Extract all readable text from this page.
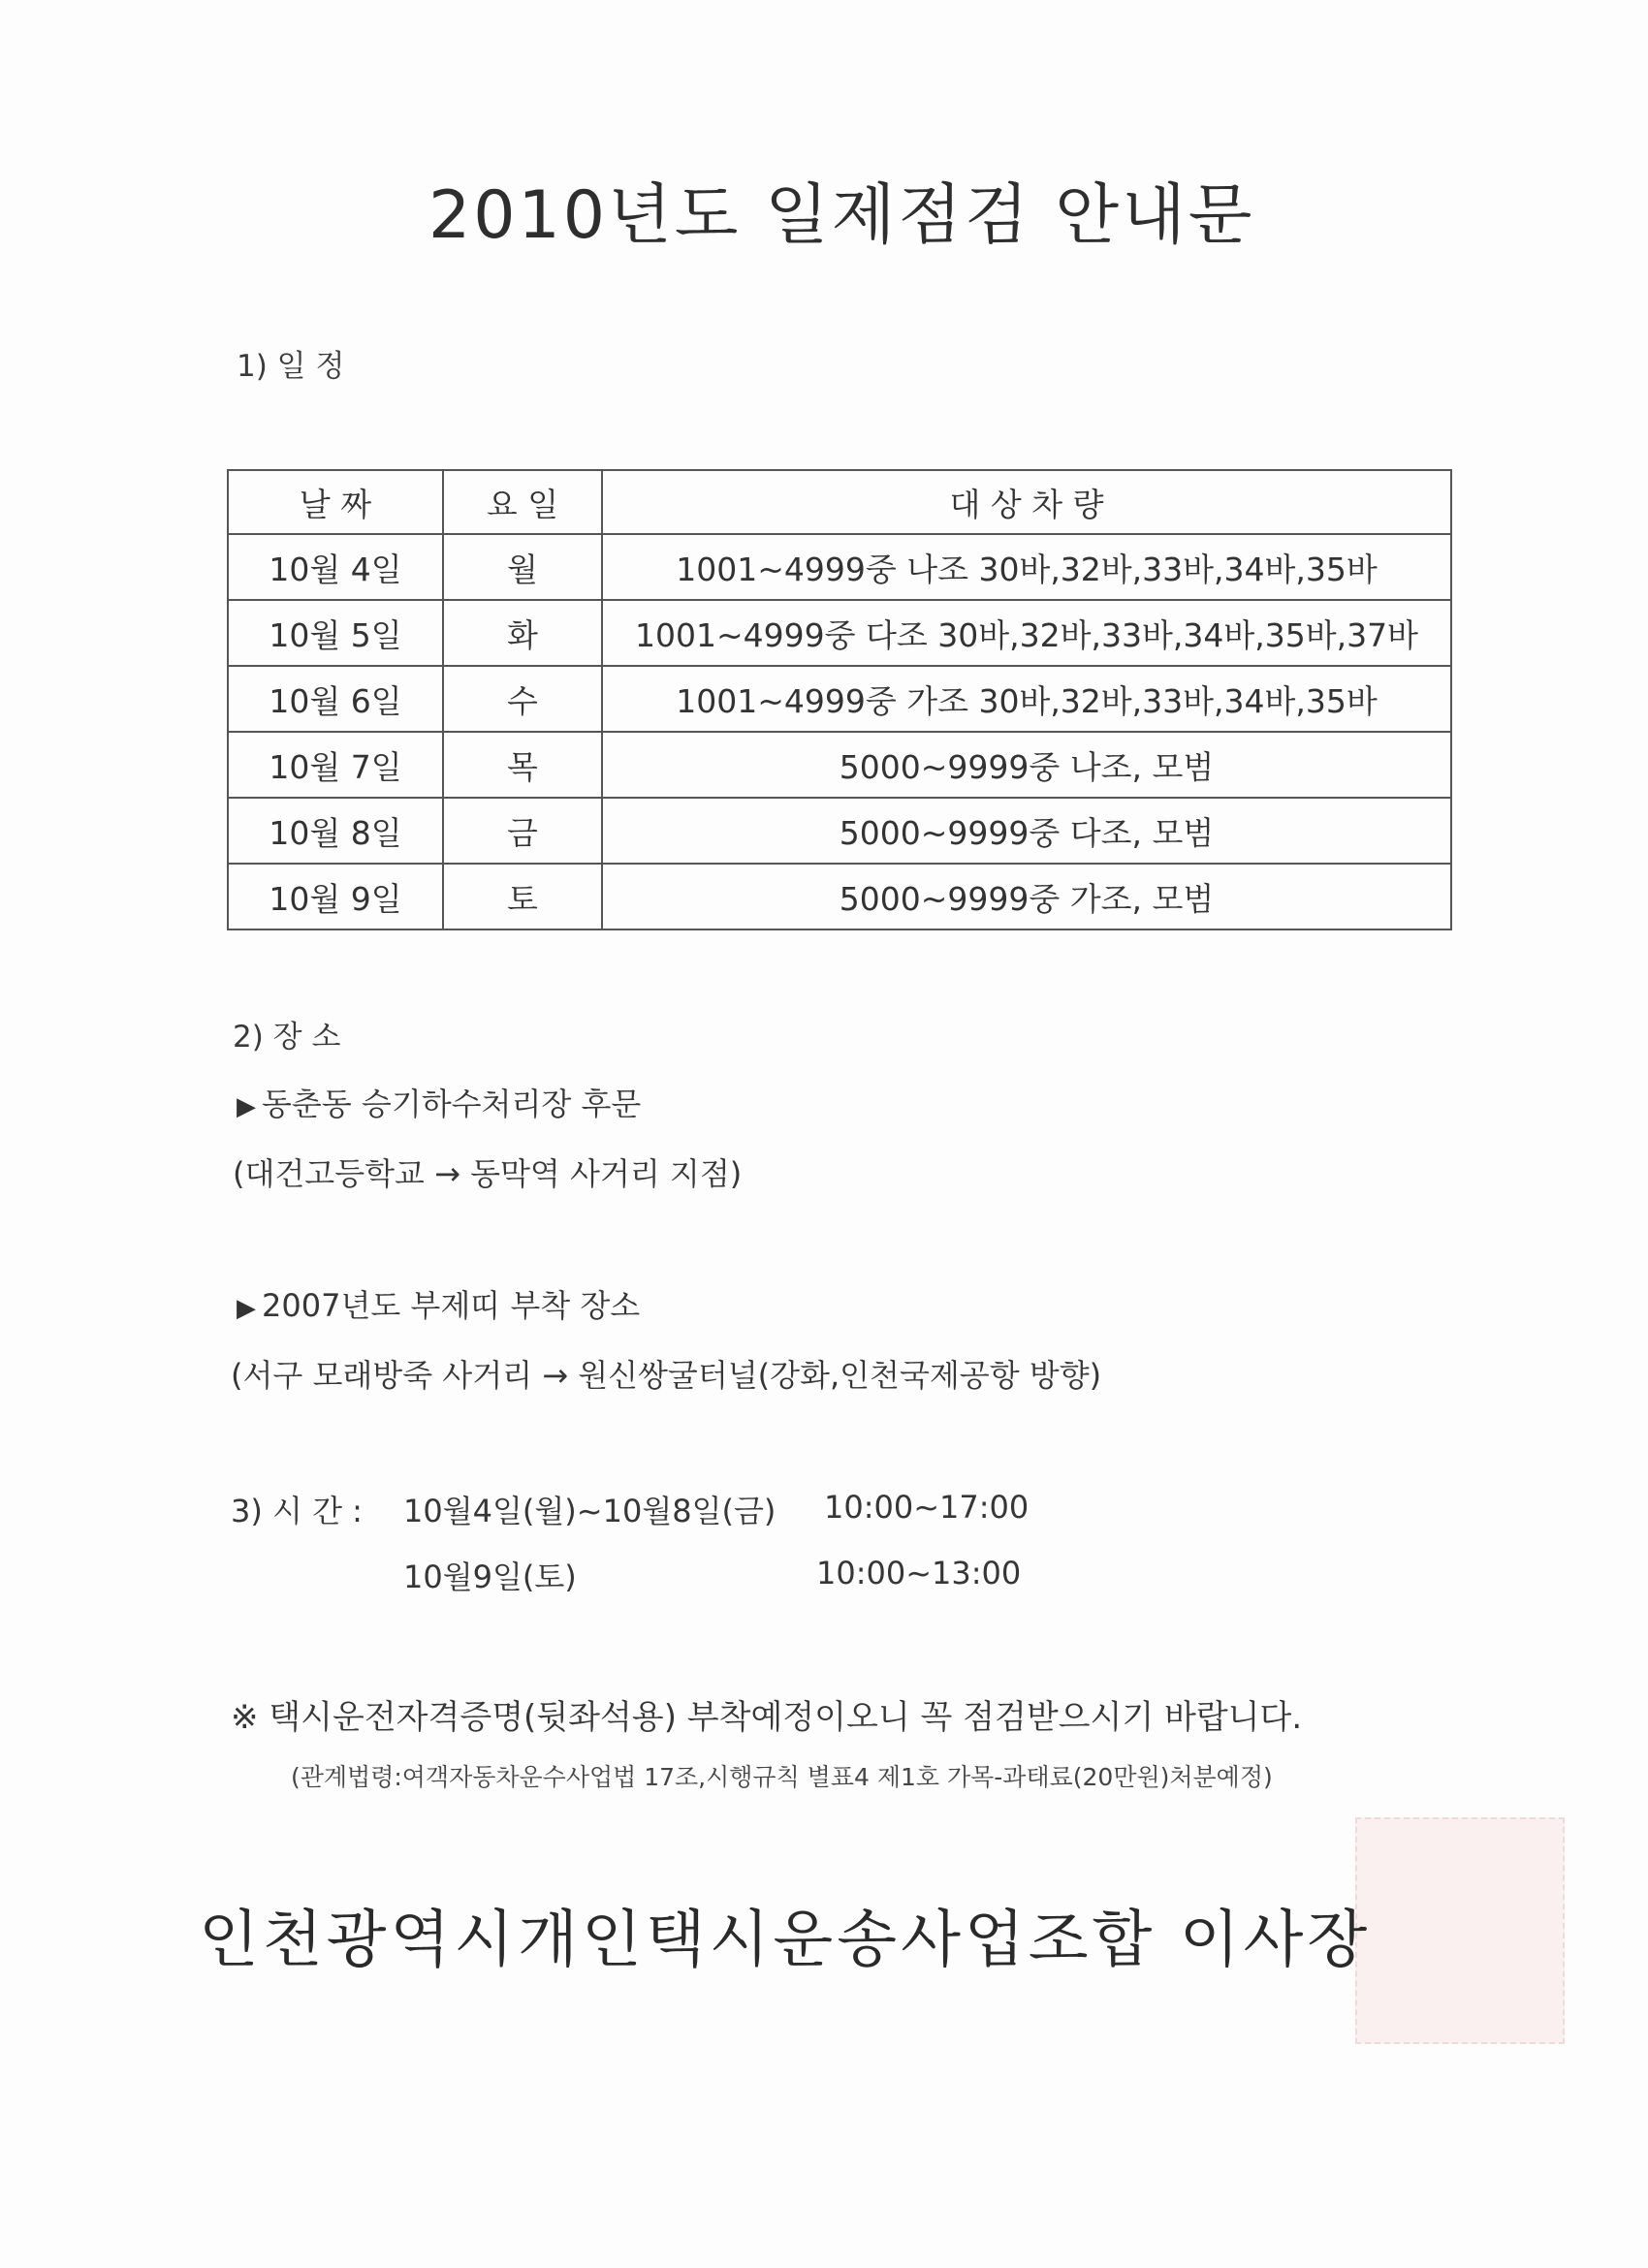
2010년도 일제점검 안내문
1) 일 정
날 짜	요 일	대 상 차 량
10월 4일	월	1001~4999중 나조 30바,32바,33바,34바,35바
10월 5일	화	1001~4999중 다조 30바,32바,33바,34바,35바,37바
10월 6일	수	1001~4999중 가조 30바,32바,33바,34바,35바
10월 7일	목	5000~9999중 나조, 모범
10월 8일	금	5000~9999중 다조, 모범
10월 9일	토	5000~9999중 가조, 모범
2) 장 소
▶ 동춘동 승기하수처리장 후문
(대건고등학교 → 동막역 사거리 지점)
▶ 2007년도 부제띠 부착 장소
(서구 모래방죽 사거리 → 원신쌍굴터널(강화,인천국제공항 방향)
3) 시 간 : 10월4일(월)~10월8일(금) 10:00~17:00
10월9일(토)	10:00~13:00
※ 택시운전자격증명(뒷좌석용) 부착예정이오니 꼭 점검받으시기 바랍니다.
(관계법령:여객자동차운수사업법 17조,시행규칙 별표4 제1호 가목-과태료(20만원)처분예정)
인천광역시개인택시운송사업조합 이사장
